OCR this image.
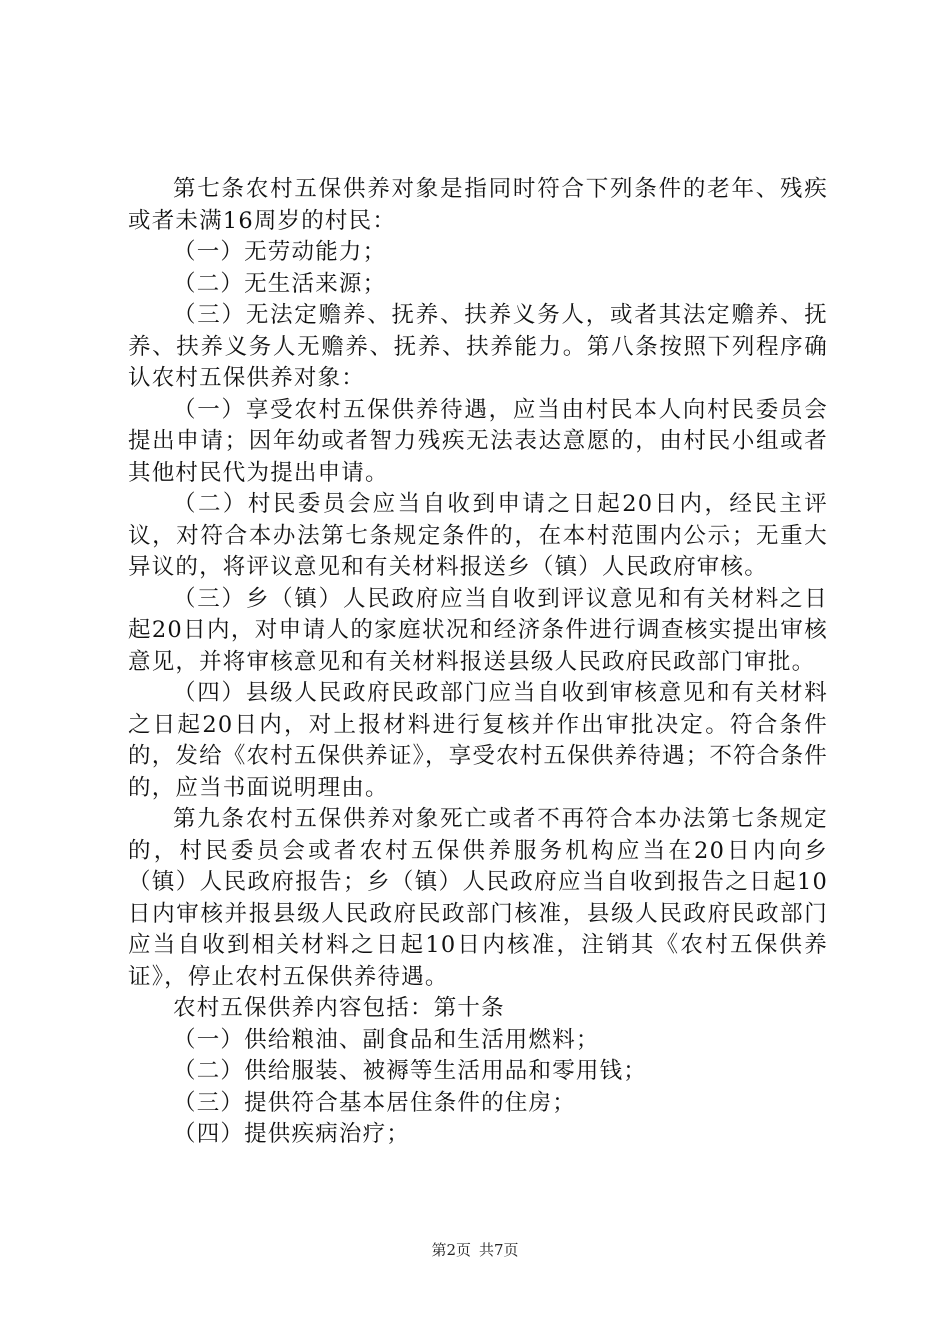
第七条农村五保供养对象是指同时符合下列条件的老年、残疾或者未满16周岁的村民：

（一）无劳动能力；

（二）无生活来源；

（三）无法定赡养、抚养、扶养义务人，或者其法定赡养、抚养、扶养义务人无赡养、抚养、扶养能力。第八条按照下列程序确认农村五保供养对象：

（一）享受农村五保供养待遇，应当由村民本人向村民委员会提出申请；因年幼或者智力残疾无法表达意愿的，由村民小组或者其他村民代为提出申请。

（二）村民委员会应当自收到申请之日起20日内，经民主评议，对符合本办法第七条规定条件的，在本村范围内公示；无重大异议的，将评议意见和有关材料报送乡（镇）人民政府审核。

（三）乡（镇）人民政府应当自收到评议意见和有关材料之日起20日内，对申请人的家庭状况和经济条件进行调查核实提出审核意见，并将审核意见和有关材料报送县级人民政府民政部门审批。

（四）县级人民政府民政部门应当自收到审核意见和有关材料之日起20日内，对上报材料进行复核并作出审批决定。符合条件的，发给《农村五保供养证》，享受农村五保供养待遇；不符合条件的，应当书面说明理由。

第九条农村五保供养对象死亡或者不再符合本办法第七条规定的，村民委员会或者农村五保供养服务机构应当在20日内向乡（镇）人民政府报告；乡（镇）人民政府应当自收到报告之日起10日内审核并报县级人民政府民政部门核准，县级人民政府民政部门应当自收到相关材料之日起10日内核准，注销其《农村五保供养证》，停止农村五保供养待遇。

农村五保供养内容包括：第十条

（一）供给粮油、副食品和生活用燃料；

（二）供给服装、被褥等生活用品和零用钱；

（三）提供符合基本居住条件的住房；

（四）提供疾病治疗；

第2页 共7页
